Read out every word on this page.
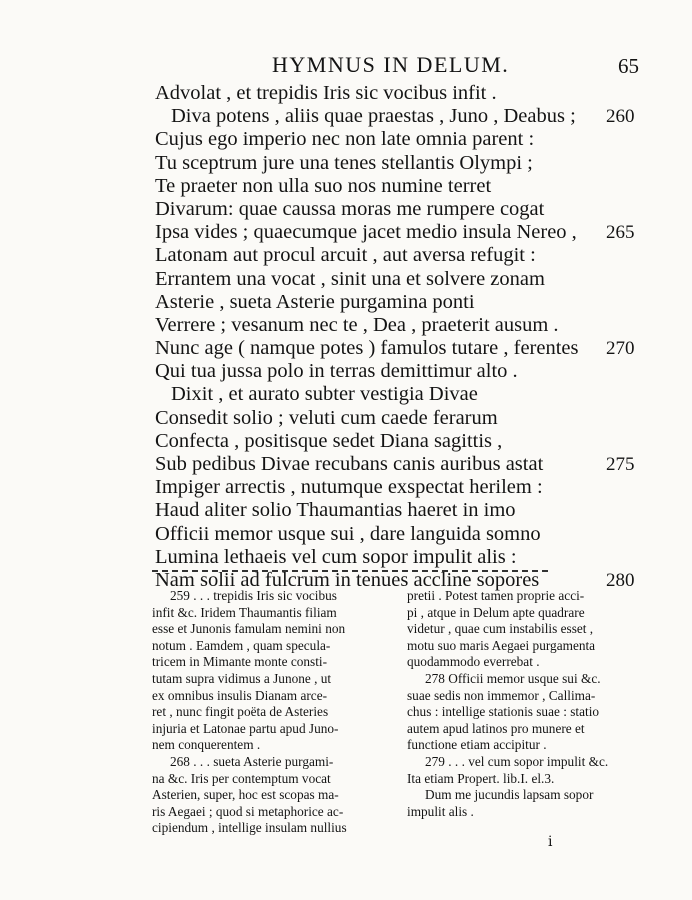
HYMNUS IN DELUM.	65
Advolat , et trepidis Iris sic vocibus infit .
Diva potens , aliis quae praestas , Juno , Deabus ; 260
Cujus ego imperio nec non late omnia parent :
Tu sceptrum jure una tenes stellantis Olympi ;
Te praeter non ulla suo nos numine terret
Divarum: quae caussa moras me rumpere cogat
Ipsa vides ; quaecumque jacet medio insula Nereo , 265
Latonam aut procul arcuit , aut aversa refugit :
Errantem una vocat , sinit una et solvere zonam
Asterie , sueta Asterie purgamina ponti
Verrere ; vesanum nec te , Dea , praeterit ausum .
Nunc age ( namque potes ) famulos tutare , ferentes 270
Qui tua jussa polo in terras demittimur alto .
Dixit , et aurato subter vestigia Divae
Consedit solio ; veluti cum caede ferarum
Confecta , positisque sedet Diana sagittis ,
Sub pedibus Divae recubans canis auribus astat	275
Impiger arrectis , nutumque exspectat herilem :
Haud aliter solio Thaumantias haeret in imo
Officii memor usque sui , dare languida somno
Lumina lethaeis vel cum sopor impulit alis :
Nam solii ad fulcrum in tenues accline sopores	280
259 . . . trepidis Iris sic vocibus
infit &c. Iridem Thaumantis filiam
esse et Junonis famulam nemini non
notum . Eamdem , quam specula-
tricem in Mimante monte consti-
tutam supra vidimus a Junone , ut
ex omnibus insulis Dianam arce-
ret , nunc fingit poëta de Asteries
injuria et Latonae partu apud Juno-
nem conquerentem .
268 . . . sueta Asterie purgami-
na &c. Iris per contemptum vocat
Asterien, super, hoc est scopas ma-
ris Aegaei ; quod si metaphorice ac-
cipiendum , intellige insulam nullius
pretii . Potest tamen proprie acci-
pi , atque in Delum apte quadrare
videtur , quae cum instabilis esset ,
motu suo maris Aegaei purgamenta
quodammodo everrebat .
278 Officii memor usque sui &c.
suae sedis non immemor , Callima-
chus : intellige stationis suae : statio
autem apud latinos pro munere et
functione etiam accipitur .
279 . . . vel cum sopor impulit &c.
Ita etiam Propert. lib.I. el.3.
Dum me jucundis lapsam sopor
impulit alis .
i
